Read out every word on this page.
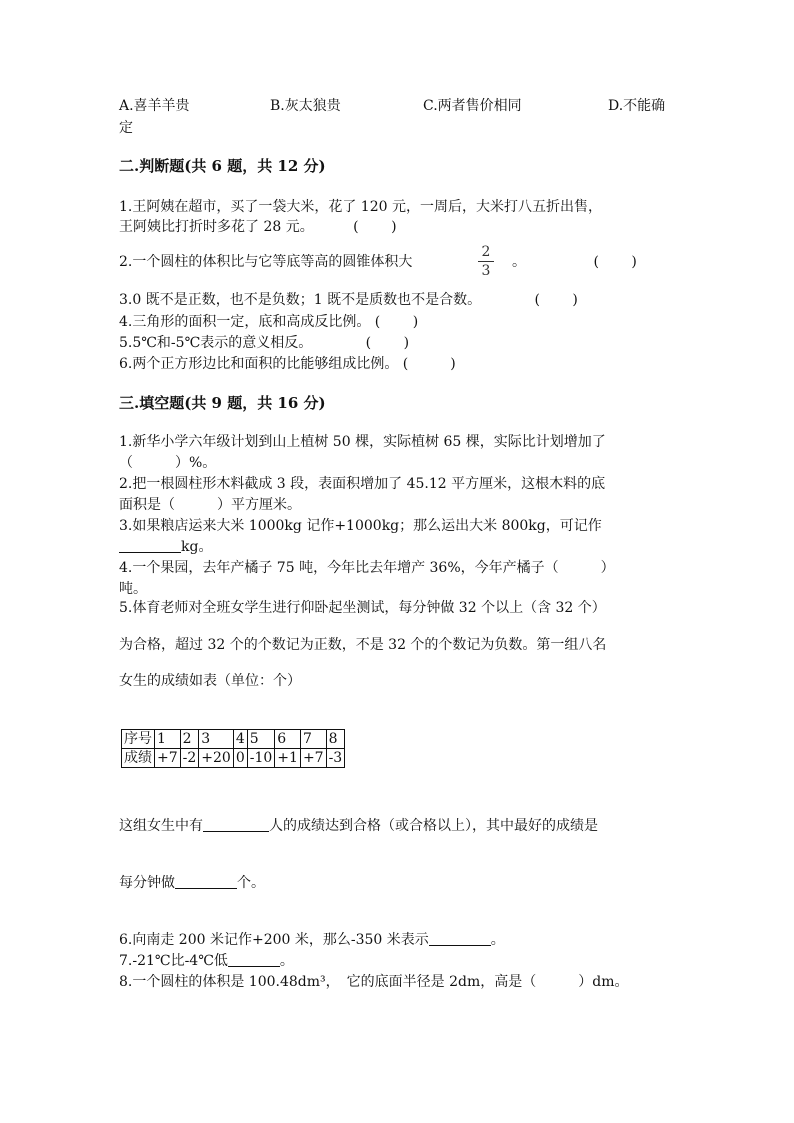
A.喜羊羊贵	B.灰太狼贵	C.两者售价相同	D.不能确
定
二.判断题(共 6 题，共 12 分)
1.王阿姨在超市，买了一袋大米，花了 120 元，一周后，大米打八五折出售，
王阿姨比打折时多花了 28 元。　　　 (　　 )
2.一个圆柱的体积比与它等底等高的圆锥体积大
2
3
。　　　　　 (　　 )
3.0 既不是正数，也不是负数；1 既不是质数也不是合数。　　　　 (　　 )
4.三角形的面积一定，底和高成反比例。 (　　 )
5.5℃和-5℃表示的意义相反。　　　　 (　　 )
6.两个正方形边比和面积的比能够组成比例。 (　　　)
三.填空题(共 9 题，共 16 分)
1.新华小学六年级计划到山上植树 50 棵，实际植树 65 棵，实际比计划增加了
（　　　）%。
2.把一根圆柱形木料截成 3 段，表面积增加了 45.12 平方厘米，这根木料的底
面积是（　　　）平方厘米。
3.如果粮店运来大米 1000kg 记作+1000kg；那么运出大米 800kg，可记作
kg。
4.一个果园，去年产橘子 75 吨，今年比去年增产 36%，今年产橘子（　　　）
吨。
5.体育老师对全班女学生进行仰卧起坐测试，每分钟做 32 个以上（含 32 个）
为合格，超过 32 个的个数记为正数，不是 32 个的个数记为负数。第一组八名
女生的成绩如表（单位：个）
序号	1	2	3	4	5	6	7	8
成绩	+7	-2	+20	0	-10	+1	+7	-3
这组女生中有	人的成绩达到合格（或合格以上），其中最好的成绩是
每分钟做	个。
6.向南走 200 米记作+200 米，那么-350 米表示	。
7.-21℃比-4℃低	。
8.一个圆柱的体积是 100.48dm³，　它的底面半径是 2dm，高是（　　　）dm。
